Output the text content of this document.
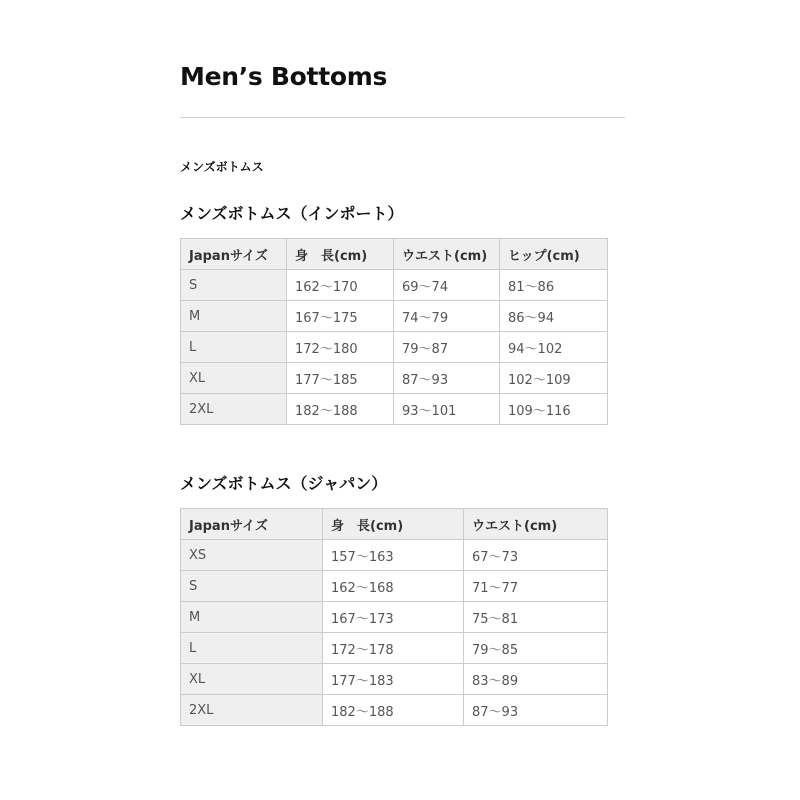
Men’s Bottoms
メンズボトムス
メンズボトムス（インポート）
Japanサイズ	身　長(cm)	ウエスト(cm)	ヒップ(cm)
S	162〜170	69〜74	81〜86
M	167〜175	74〜79	86〜94
L	172〜180	79〜87	94〜102
XL	177〜185	87〜93	102〜109
2XL	182〜188	93〜101	109〜116
メンズボトムス（ジャパン）
Japanサイズ	身　長(cm)	ウエスト(cm)
XS	157〜163	67〜73
S	162〜168	71〜77
M	167〜173	75〜81
L	172〜178	79〜85
XL	177〜183	83〜89
2XL	182〜188	87〜93
